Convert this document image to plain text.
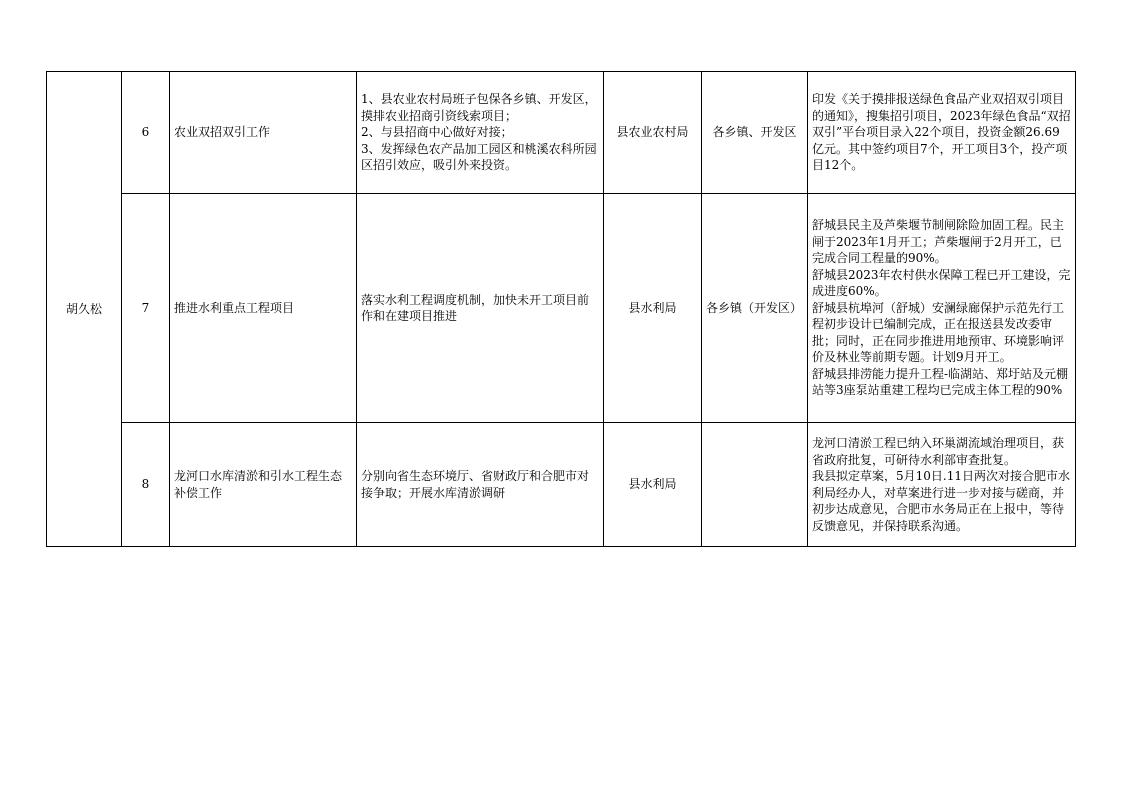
胡久松	6	农业双招双引工作	1、县农业农村局班子包保各乡镇、开发区，摸排农业招商引资线索项目；
2、与县招商中心做好对接；
3、发挥绿色农产品加工园区和桃溪农科所园区招引效应，吸引外来投资。	县农业农村局	各乡镇、开发区	印发《关于摸排报送绿色食品产业双招双引项目的通知》，搜集招引项目，2023年绿色食品“双招双引”平台项目录入22个项目，投资金额26.69亿元。其中签约项目7个，开工项目3个，投产项目12个。

	7	推进水利重点工程项目	落实水利工程调度机制，加快未开工项目前作和在建项目推进	县水利局	各乡镇（开发区）	舒城县民主及芦柴堰节制闸除险加固工程。民主闸于2023年1月开工；芦柴堰闸于2月开工，已完成合同工程量的90%。
舒城县2023年农村供水保障工程已开工建设，完成进度60%。
舒城县杭埠河（舒城）安澜绿廊保护示范先行工程初步设计已编制完成，正在报送县发改委审批；同时，正在同步推进用地预审、环境影响评价及林业等前期专题。计划9月开工。
舒城县排涝能力提升工程-临湖站、郑圩站及元棚站等3座泵站重建工程均已完成主体工程的90%

	8	龙河口水库清淤和引水工程生态补偿工作	分别向省生态环境厅、省财政厅和合肥市对接争取；开展水库清淤调研	县水利局		龙河口清淤工程已纳入环巢湖流域治理项目，获省政府批复，可研待水利部审查批复。
我县拟定草案，5月10日.11日两次对接合肥市水利局经办人，对草案进行进一步对接与磋商，并初步达成意见，合肥市水务局正在上报中，等待反馈意见，并保持联系沟通。
